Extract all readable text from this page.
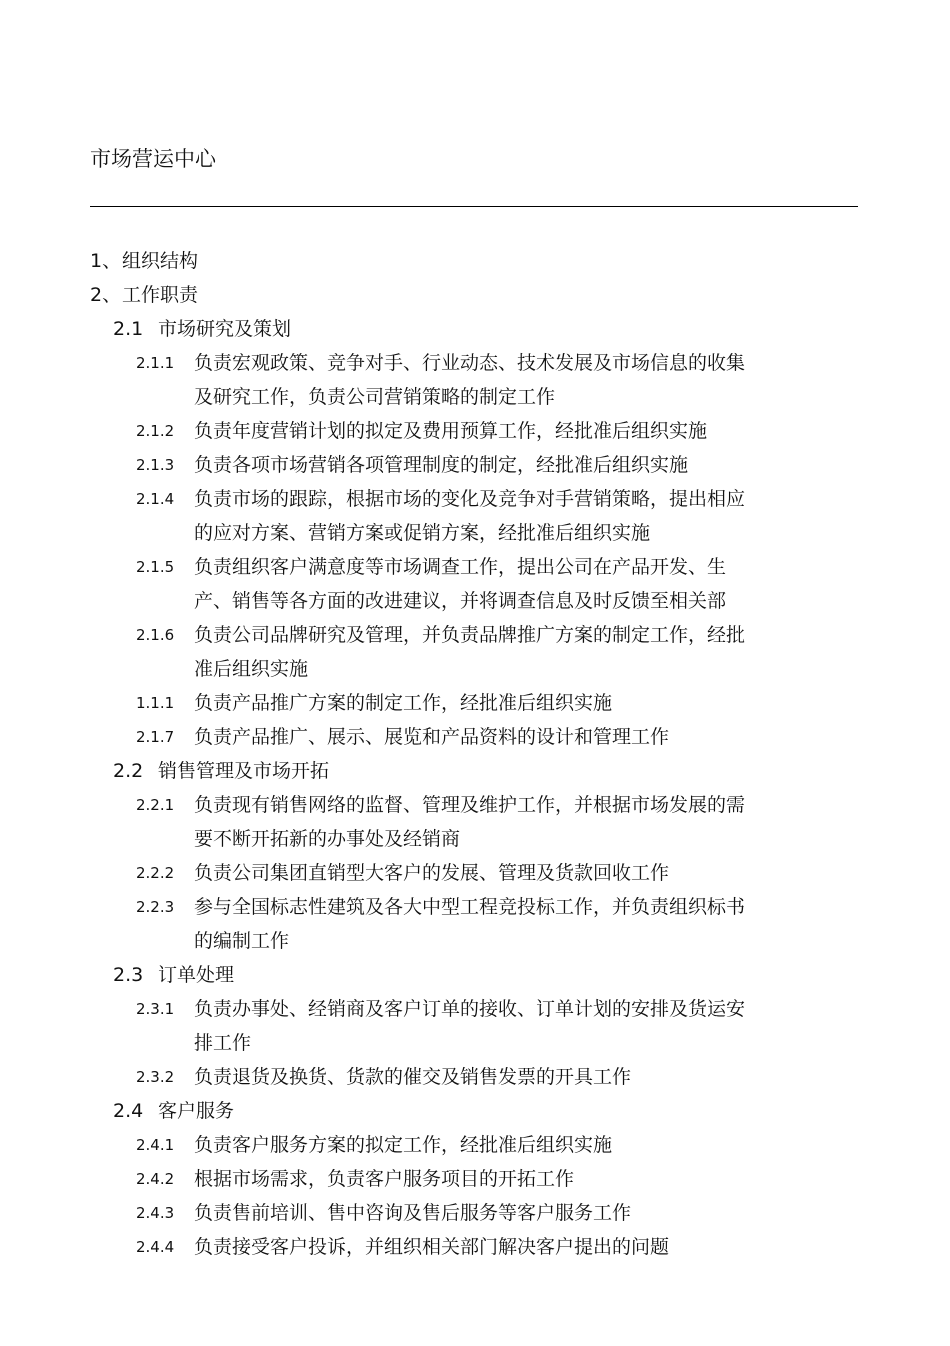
市场营运中心
1、 组织结构
2、 工作职责
2.1 市场研究及策划
2.1.1 负责宏观政策、竞争对手、行业动态、技术发展及市场信息的收集
及研究工作，负责公司营销策略的制定工作
2.1.2 负责年度营销计划的拟定及费用预算工作，经批准后组织实施
2.1.3 负责各项市场营销各项管理制度的制定，经批准后组织实施
2.1.4 负责市场的跟踪，根据市场的变化及竞争对手营销策略，提出相应
的应对方案、营销方案或促销方案，经批准后组织实施
2.1.5 负责组织客户满意度等市场调查工作，提出公司在产品开发、生
产、销售等各方面的改进建议，并将调查信息及时反馈至相关部
2.1.6 负责公司品牌研究及管理，并负责品牌推广方案的制定工作，经批
准后组织实施
1.1.1 负责产品推广方案的制定工作，经批准后组织实施
2.1.7 负责产品推广、展示、展览和产品资料的设计和管理工作
2.2 销售管理及市场开拓
2.2.1 负责现有销售网络的监督、管理及维护工作，并根据市场发展的需
要不断开拓新的办事处及经销商
2.2.2 负责公司集团直销型大客户的发展、管理及货款回收工作
2.2.3 参与全国标志性建筑及各大中型工程竞投标工作，并负责组织标书
的编制工作
2.3 订单处理
2.3.1 负责办事处、经销商及客户订单的接收、订单计划的安排及货运安
排工作
2.3.2 负责退货及换货、货款的催交及销售发票的开具工作
2.4 客户服务
2.4.1 负责客户服务方案的拟定工作，经批准后组织实施
2.4.2 根据市场需求，负责客户服务项目的开拓工作
2.4.3 负责售前培训、售中咨询及售后服务等客户服务工作
2.4.4 负责接受客户投诉，并组织相关部门解决客户提出的问题
